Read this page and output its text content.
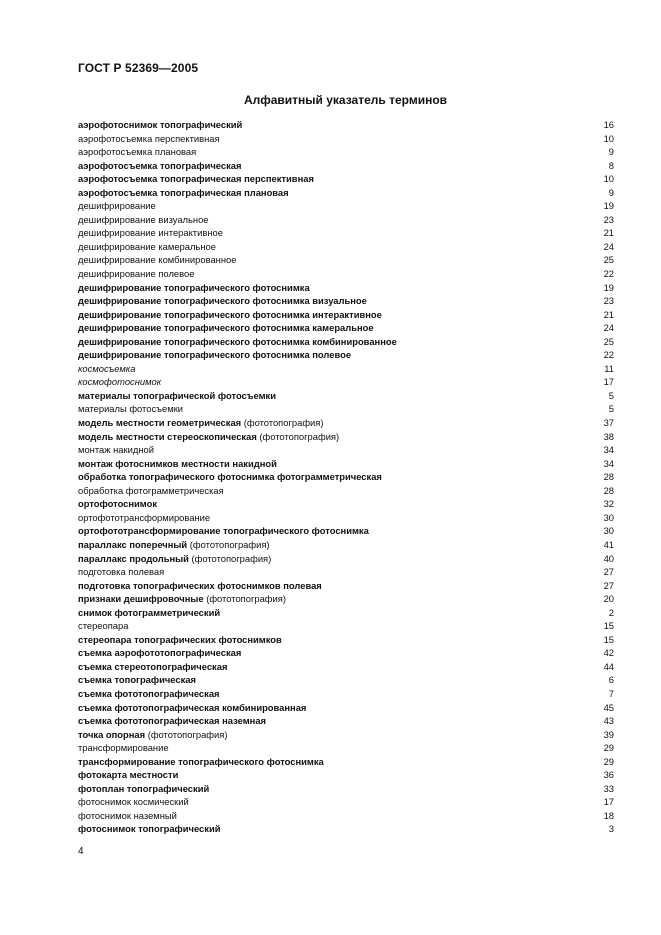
ГОСТ Р 52369—2005
Алфавитный указатель терминов
аэрофотоснимок топографический	16
аэрофотосъемка перспективная	10
аэрофотосъемка плановая	9
аэрофотосъемка топографическая	8
аэрофотосъемка топографическая перспективная	10
аэрофотосъемка топографическая плановая	9
дешифрирование	19
дешифрирование визуальное	23
дешифрирование интерактивное	21
дешифрирование камеральное	24
дешифрирование комбинированное	25
дешифрирование полевое	22
дешифрирование топографического фотоснимка	19
дешифрирование топографического фотоснимка визуальное	23
дешифрирование топографического фотоснимка интерактивное	21
дешифрирование топографического фотоснимка камеральное	24
дешифрирование топографического фотоснимка комбинированное	25
дешифрирование топографического фотоснимка полевое	22
космосъемка	11
космофотоснимок	17
материалы топографической фотосъемки	5
материалы фотосъемки	5
модель местности геометрическая (фототопография)	37
модель местности стереоскопическая (фототопография)	38
монтаж накидной	34
монтаж фотоснимков местности накидной	34
обработка топографического фотоснимка фотограмметрическая	28
обработка фотограмметрическая	28
ортофотоснимок	32
ортофототрансформирование	30
ортофототрансформирование топографического фотоснимка	30
параллакс поперечный (фототопография)	41
параллакс продольный (фототопография)	40
подготовка полевая	27
подготовка топографических фотоснимков полевая	27
признаки дешифровочные (фототопография)	20
снимок фотограмметрический	2
стереопара	15
стереопара топографических фотоснимков	15
съемка аэрофототопографическая	42
съемка стереотопографическая	44
съемка топографическая	6
съемка фототопографическая	7
съемка фототопографическая комбинированная	45
съемка фототопографическая наземная	43
точка опорная (фототопография)	39
трансформирование	29
трансформирование топографического фотоснимка	29
фотокарта местности	36
фотоплан топографический	33
фотоснимок космический	17
фотоснимок наземный	18
фотоснимок топографический	3
4
